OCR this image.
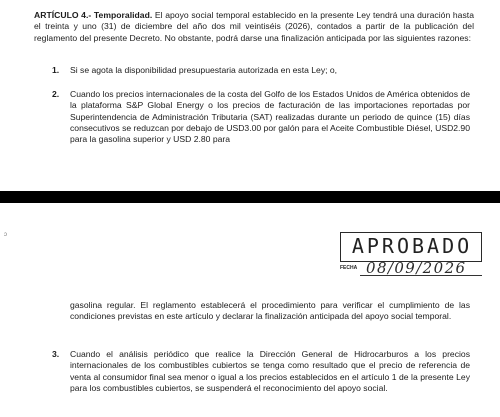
ARTÍCULO 4.- Temporalidad. El apoyo social temporal establecido en la presente Ley tendrá una duración hasta el treinta y uno (31) de diciembre del año dos mil veintiséis (2026), contados a partir de la publicación del reglamento del presente Decreto. No obstante, podrá darse una finalización anticipada por las siguientes razones:

1. Si se agota la disponibilidad presupuestaria autorizada en esta Ley; o,

2. Cuando los precios internacionales de la costa del Golfo de los Estados Unidos de América obtenidos de la plataforma S&P Global Energy o los precios de facturación de las importaciones reportadas por Superintendencia de Administración Tributaria (SAT) realizadas durante un periodo de quince (15) días consecutivos se reduzcan por debajo de USD3.00 por galón para el Aceite Combustible Diésel, USD2.90 para la gasolina superior y USD 2.80 para

ↄ	APROBADO
FECHA 08/09/2026

gasolina regular. El reglamento establecerá el procedimiento para verificar el cumplimiento de las condiciones previstas en este artículo y declarar la finalización anticipada del apoyo social temporal.

3. Cuando el análisis periódico que realice la Dirección General de Hidrocarburos a los precios internacionales de los combustibles cubiertos se tenga como resultado que el precio de referencia de venta al consumidor final sea menor o igual a los precios establecidos en el artículo 1 de la presente Ley para los combustibles cubiertos, se suspenderá el reconocimiento del apoyo social.
